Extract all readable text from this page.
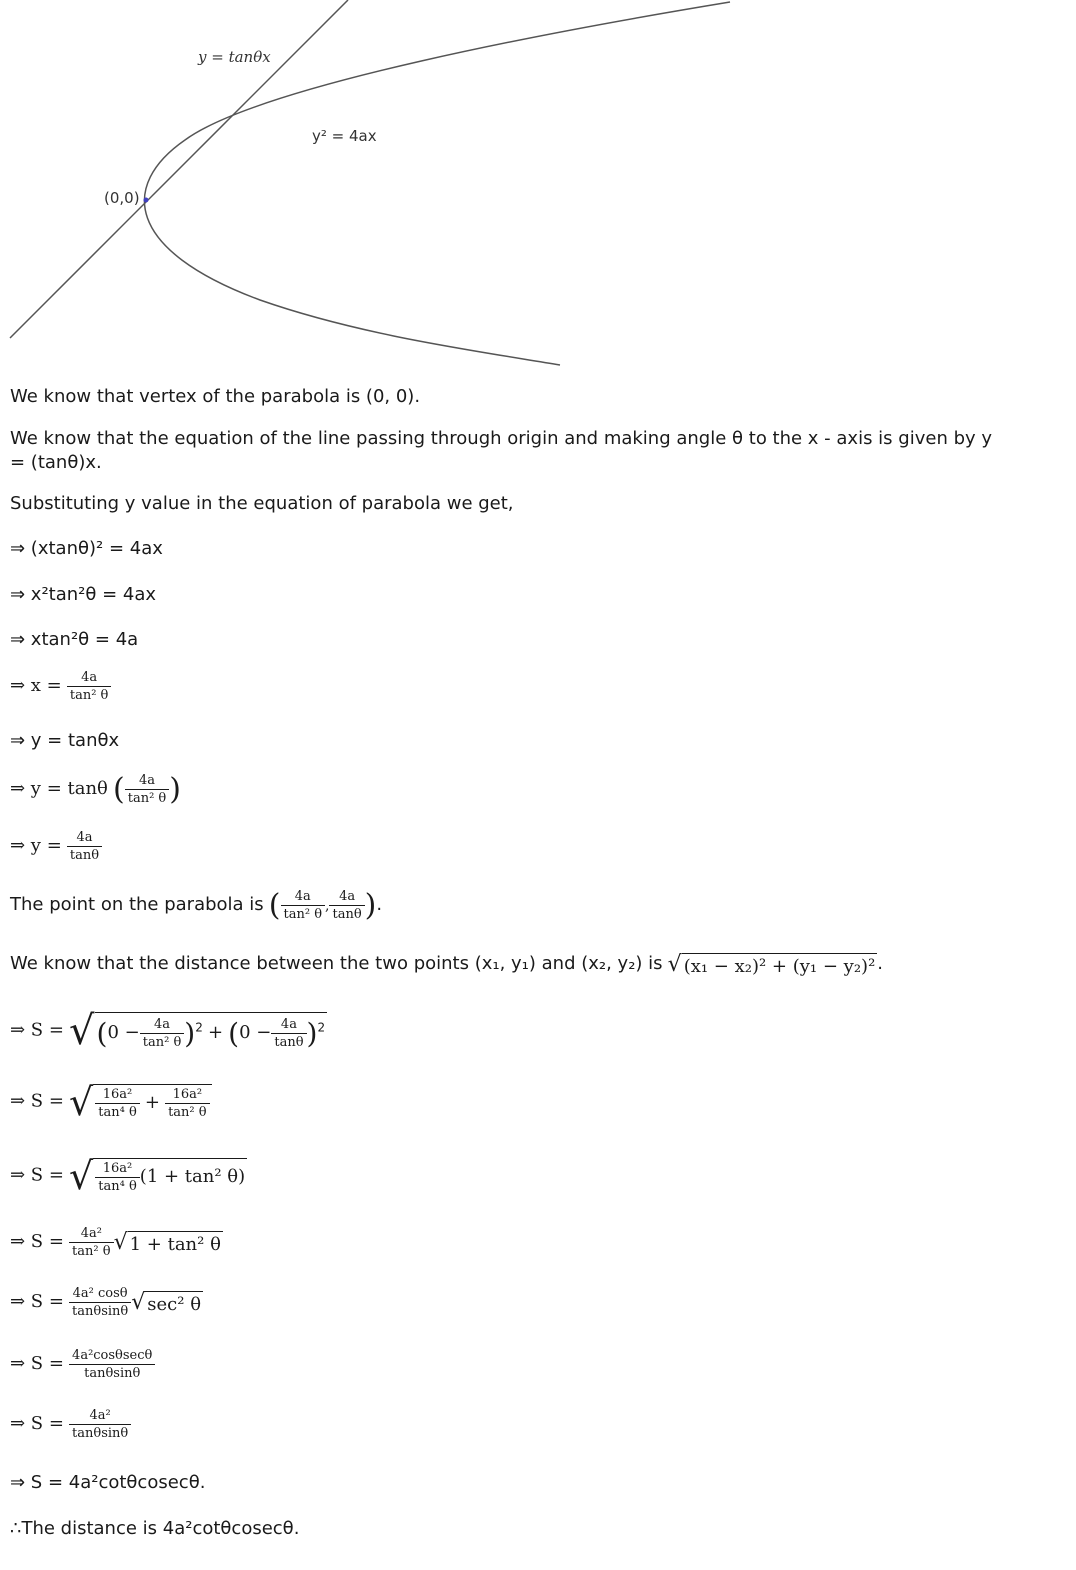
y = tanθx
y² = 4ax
(0,0)
We know that vertex of the parabola is (0, 0).
We know that the equation of the line passing through origin and making angle θ to the x - axis is given by y
= (tanθ)x.
Substituting y value in the equation of parabola we get,
⇒ (xtanθ)² = 4ax
⇒ x²tan²θ = 4ax
⇒ xtan²θ = 4a
⇒ $x = \frac{4a}{\text{tan² θ}}$
⇒ y = tanθx
⇒ y = tanθ ( $\frac{4a}{\text{tan² θ}}$ )
⇒ $y = \frac{4a}{\tan\theta}$
The point on the parabola is ( $\frac{4a}{\text{tan² θ}}$ , $\frac{4a}{\tan\theta}$ ).
We know that the distance between the two points (x₁, y₁) and (x₂, y₂) is √ (x₁ − x₂)² + (y₁ − y₂)² .
⇒ $S = √(0 - \frac{4a}{\text{tan² θ}} )^2 + (0 - \frac{4a}{\tan\theta} )^2$
⇒ S = √ $\frac{\text{16a²}}{\text{tan⁴ θ}} + \frac{\text{16a²}}{\text{tan² θ}}$
⇒ S = √ $\frac{\text{16a²}}{\text{tan⁴ θ}} (1 + \tan^2$ θ)
⇒ $S = \frac{\text{4a²}}{\text{tan² θ}}$ √ 1 + tan² θ
⇒ $S = \frac{\text{4a² cosθ}}{\tan\theta\sin\theta}$ √ sec² θ
⇒ $S = \frac{\text{4a²cosθsecθ}}{\tan\theta\sin\theta}$
⇒ $S = \frac{\text{4a²}}{\tan\theta\sin\theta}$
⇒ S = 4a²cotθcosecθ.
∴The distance is 4a²cotθcosecθ.
